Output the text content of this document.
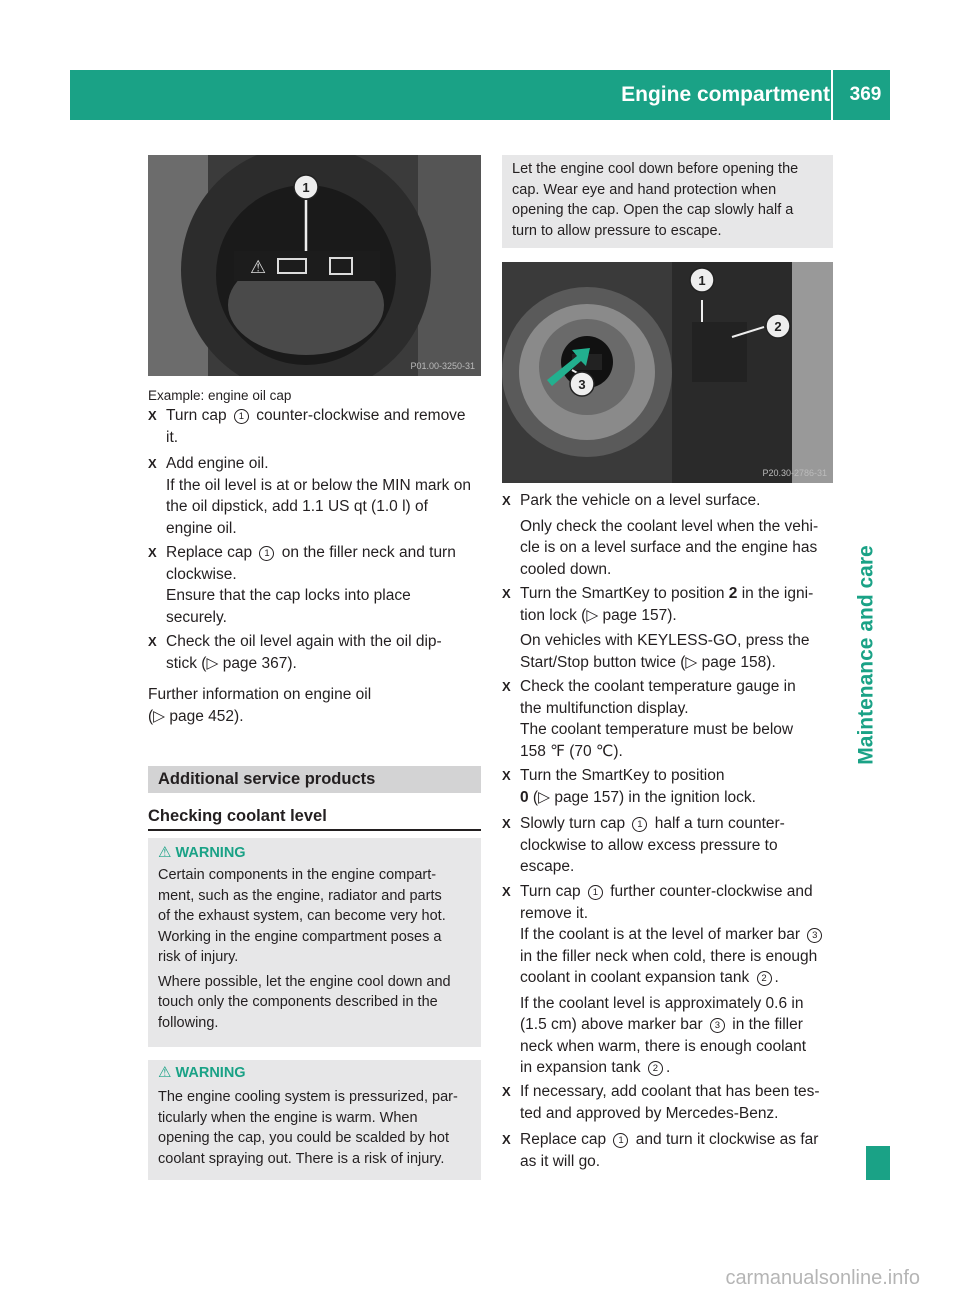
Engine compartment	369
Maintenance and care
⚠
1
P01.00-3250-31
Example: engine oil cap
X Turn cap 1 counter-clockwise and remove
it.
X Add engine oil.
If the oil level is at or below the MIN mark on
the oil dipstick, add 1.1 US qt (1.0 l) of
engine oil.
X Replace cap 1 on the filler neck and turn
clockwise.
Ensure that the cap locks into place
securely.
X Check the oil level again with the oil dip-
stick (▷ page 367).
Further information on engine oil
(▷ page 452).
Additional service products
Checking coolant level
⚠ WARNING
Certain components in the engine compart-
ment, such as the engine, radiator and parts
of the exhaust system, can become very hot.
Working in the engine compartment poses a
risk of injury.
Where possible, let the engine cool down and
touch only the components described in the
following.
⚠ WARNING
The engine cooling system is pressurized, par-
ticularly when the engine is warm. When
opening the cap, you could be scalded by hot
coolant spraying out. There is a risk of injury.
Let the engine cool down before opening the
cap. Wear eye and hand protection when
opening the cap. Open the cap slowly half a
turn to allow pressure to escape.
1
2
3
P20.30-2786-31
X Park the vehicle on a level surface.
Only check the coolant level when the vehi-
cle is on a level surface and the engine has
cooled down.
X Turn the SmartKey to position 2 in the igni-
tion lock (▷ page 157).
On vehicles with KEYLESS-GO, press the
Start/Stop button twice (▷ page 158).
X Check the coolant temperature gauge in
the multifunction display.
The coolant temperature must be below
158 ℉ (70 ℃).
X Turn the SmartKey to position
0 (▷ page 157) in the ignition lock.
X Slowly turn cap 1 half a turn counter-
clockwise to allow excess pressure to
escape.
X Turn cap 1 further counter-clockwise and
remove it.
If the coolant is at the level of marker bar 3
in the filler neck when cold, there is enough
coolant in coolant expansion tank 2 .
If the coolant level is approximately 0.6 in
(1.5 cm) above marker bar 3 in the filler
neck when warm, there is enough coolant
in expansion tank 2 .
X If necessary, add coolant that has been tes-
ted and approved by Mercedes-Benz.
X Replace cap 1 and turn it clockwise as far
as it will go.
carmanualsonline.info
